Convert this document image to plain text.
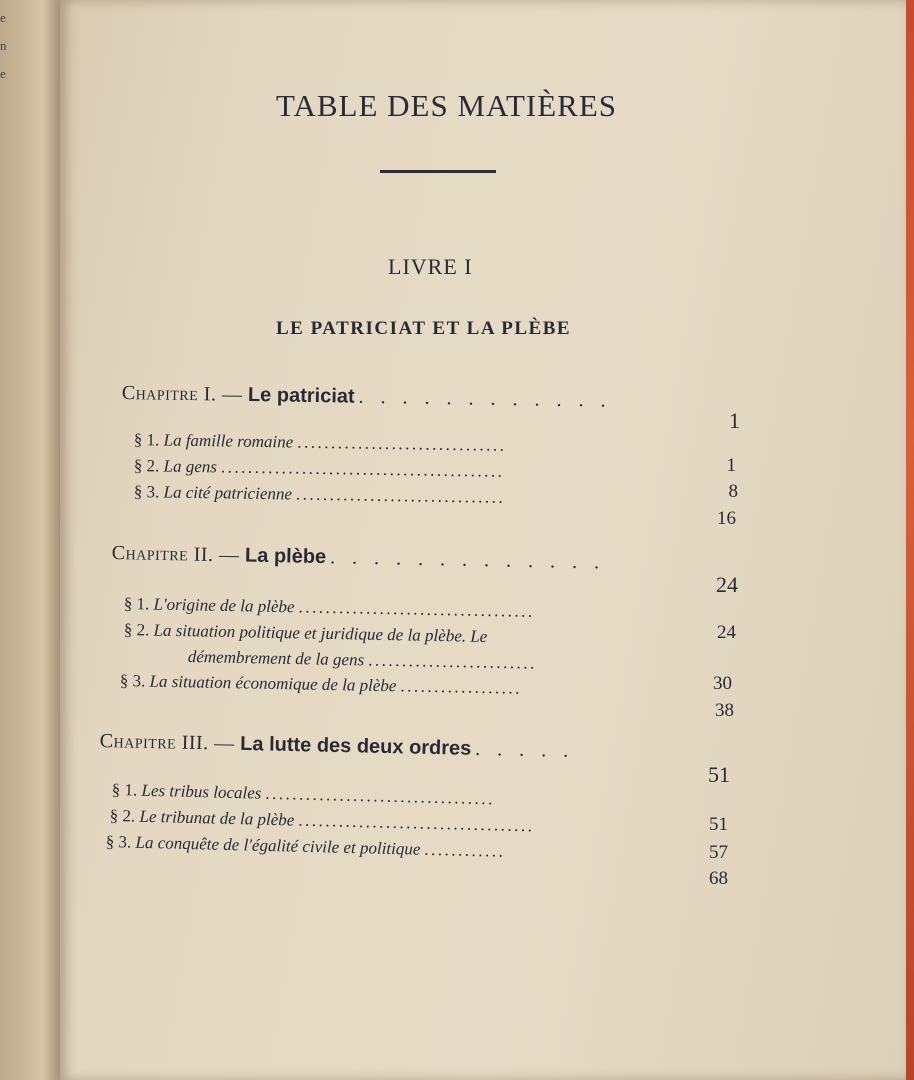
e
n
e
TABLE DES MATIÈRES
LIVRE I
LE PATRICIAT ET LA PLÈBE
Chapitre I. — Le patriciat . . . . . . . . . . . .
1
§ 1. La famille romaine ...............................
1
§ 2. La gens ..........................................
8
§ 3. La cité patricienne ...............................
16
Chapitre II. — La plèbe . . . . . . . . . . . . .
24
§ 1. L'origine de la plèbe ...................................
24
§ 2. La situation politique et juridique de la plèbe. Le
démembrement de la gens .........................
30
§ 3. La situation économique de la plèbe ..................
38
Chapitre III. — La lutte des deux ordres . . . . .
51
§ 1. Les tribus locales ..................................
51
§ 2. Le tribunat de la plèbe ...................................
57
§ 3. La conquête de l'égalité civile et politique ............
68
